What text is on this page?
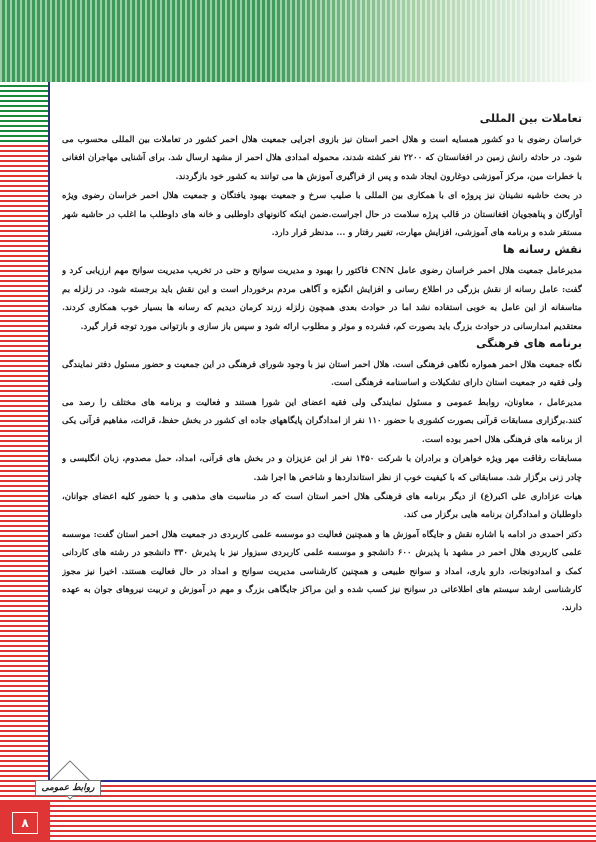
تعاملات بین المللی

خراسان رضوی با دو کشور همسایه است و هلال احمر استان نیز بازوی اجرایی جمعیت هلال احمر کشور در تعاملات بین المللی محسوب می شود. در حادثه رانش زمین در افغانستان که ۲۲۰۰ نفر کشته شدند، محموله امدادی هلال احمر از مشهد ارسال شد. برای آشنایی مهاجران افغانی با خطرات مین، مرکز آموزشی دوغارون ایجاد شده و پس از فراگیری آموزش ها می توانند به کشور خود بازگردند.

در بحث حاشیه نشینان نیز پروژه ای با همکاری بین المللی با صلیب سرخ و جمعیت بهبود یافتگان و جمعیت هلال احمر خراسان رضوی ویژه آوارگان و پناهجویان افغانستان در قالب پرژه سلامت در حال اجراست.ضمن اینکه کانونهای داوطلبی و خانه های داوطلب ما اغلب در حاشیه شهر مستقر شده و برنامه های آموزشی، افزایش مهارت، تغییر رفتار و ... مدنظر قرار دارد.

نقش رسانه ها

مدیرعامل جمعیت هلال احمر خراسان رضوی عامل CNN فاکتور را بهبود و مدیریت سوانح و حتی در تخریب مدیریت سوانح مهم ارزیابی کرد و گفت: عامل رسانه از نقش بزرگی در اطلاع رسانی و افزایش انگیزه و آگاهی مردم برخوردار است و این نقش باید برجسته شود. در زلزله بم متاسفانه از این عامل به خوبی استفاده نشد اما در حوادث بعدی همچون زلزله زرند کرمان دیدیم که رسانه ها بسیار خوب همکاری کردند. معتقدیم امدارسانی در حوادث بزرگ باید بصورت کم، فشرده و موثر و مطلوب ارائه شود و سپس باز سازی و بازتوانی مورد توجه قرار گیرد.

برنامه های فرهنگی

نگاه جمعیت هلال احمر همواره نگاهی فرهنگی است. هلال احمر استان نیز با وجود شورای فرهنگی در این جمعیت و حضور مسئول دفتر نمایندگی ولی فقیه در جمعیت استان دارای تشکیلات و اساسنامه فرهنگی است.

مدیرعامل ، معاونان، روابط عمومی و مسئول نمایندگی ولی فقیه اعضای این شورا هستند و فعالیت و برنامه های مختلف را رصد می کنند.برگزاری مسابقات قرآنی بصورت کشوری با حضور ۱۱۰ نفر از امدادگران پایگاههای جاده ای کشور در بخش حفظ، قرائت، مفاهیم قرآنی یکی از برنامه های فرهنگی هلال احمر بوده است.

مسابقات رفاقت مهر ویژه خواهران و برادران با شرکت ۱۴۵۰ نفر از این عزیزان و در بخش های قرآنی، امداد، حمل مصدوم، زبان انگلیسی و چادر زنی برگزار شد. مسابقاتی که با کیفیت خوب از نظر استانداردها و شاخص ها اجرا شد.

هیات عزاداری علی اکبر(ع) از دیگر برنامه های فرهنگی هلال احمر استان است که در مناسبت های مذهبی و با حضور کلیه اعضای جوانان، داوطلبان و امدادگران برنامه هایی برگزار می کند.

دکتر احمدی در ادامه با اشاره نقش و جایگاه آموزش ها و همچنین فعالیت دو موسسه علمی کاربردی در جمعیت هلال احمر استان گفت: موسسه علمی کاربردی هلال احمر در مشهد با پذیرش ۶۰۰ دانشجو و موسسه علمی کاربردی سبزوار نیز با پذیرش ۳۳۰ دانشجو در رشته های کاردانی کمک و امدادونجات، دارو یاری، امداد و سوانح طبیعی و همچنین کارشناسی مدیریت سوانح و امداد در حال فعالیت هستند. اخیرا نیز مجوز کارشناسی ارشد سیستم های اطلاعاتی در سوانح نیز کسب شده و این مراکز جایگاهی بزرگ و مهم در آموزش و تربیت نیروهای جوان به عهده دارند.

روابط عمومی
۸
